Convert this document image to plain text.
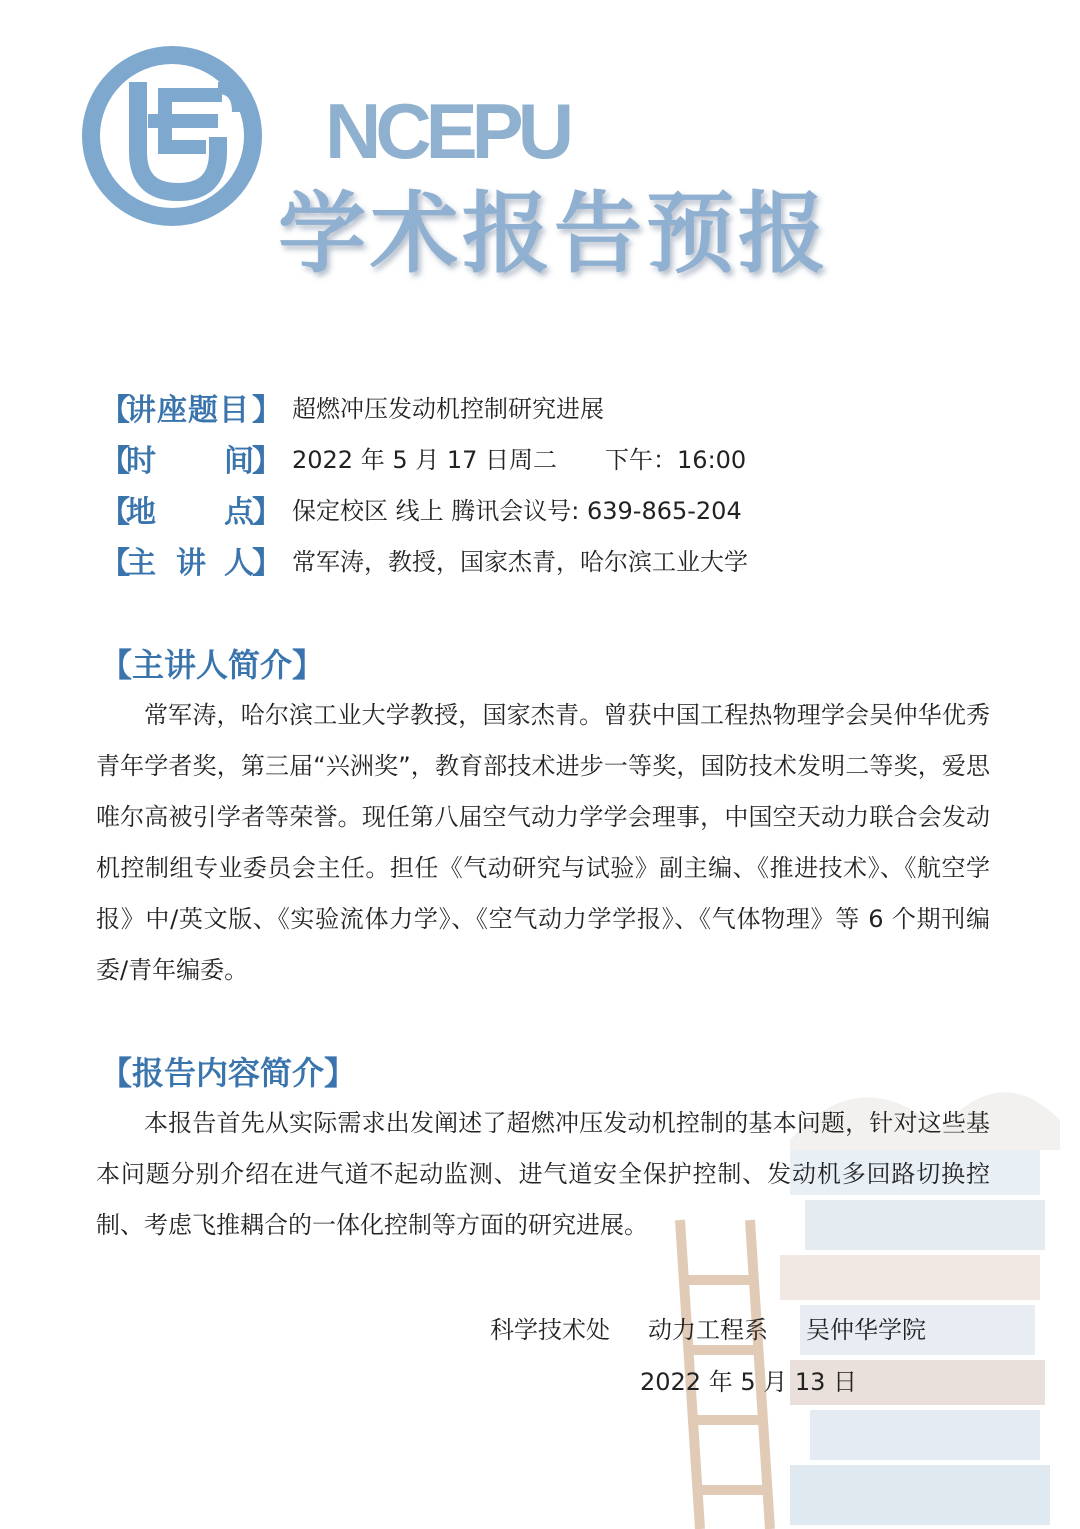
NCEPU
学术报告预报
【
讲座题目 】 超燃冲压发动机控制研究进展
【
时 间
】 2022 年 5 月 17 日周二 下午：16:00
【
地 点
】 保定校区 线上 腾讯会议号: 639-865-204
【
主 讲 人
】 常军涛，教授，国家杰青，哈尔滨工业大学
【主讲人简介】
常军涛，哈尔滨工业大学教授，国家杰青。曾获中国工程热物理学会吴仲华优秀青年学者奖，第三届“兴洲奖”，教育部技术进步一等奖，国防技术发明二等奖，爱思唯尔高被引学者等荣誉。现任第八届空气动力学学会理事，中国空天动力联合会发动机控制组专业委员会主任。担任《气动研究与试验》副主编、《推进技术》、《航空学报》中/英文版、《实验流体力学》、《空气动力学学报》、《气体物理》等 6 个期刊编委/青年编委。
【报告内容简介】
本报告首先从实际需求出发阐述了超燃冲压发动机控制的基本问题，针对这些基本问题分别介绍在进气道不起动监测、进气道安全保护控制、发动机多回路切换控制、考虑飞推耦合的一体化控制等方面的研究进展。
科学技术处 动力工程系 吴仲华学院
2022 年 5 月 13 日
